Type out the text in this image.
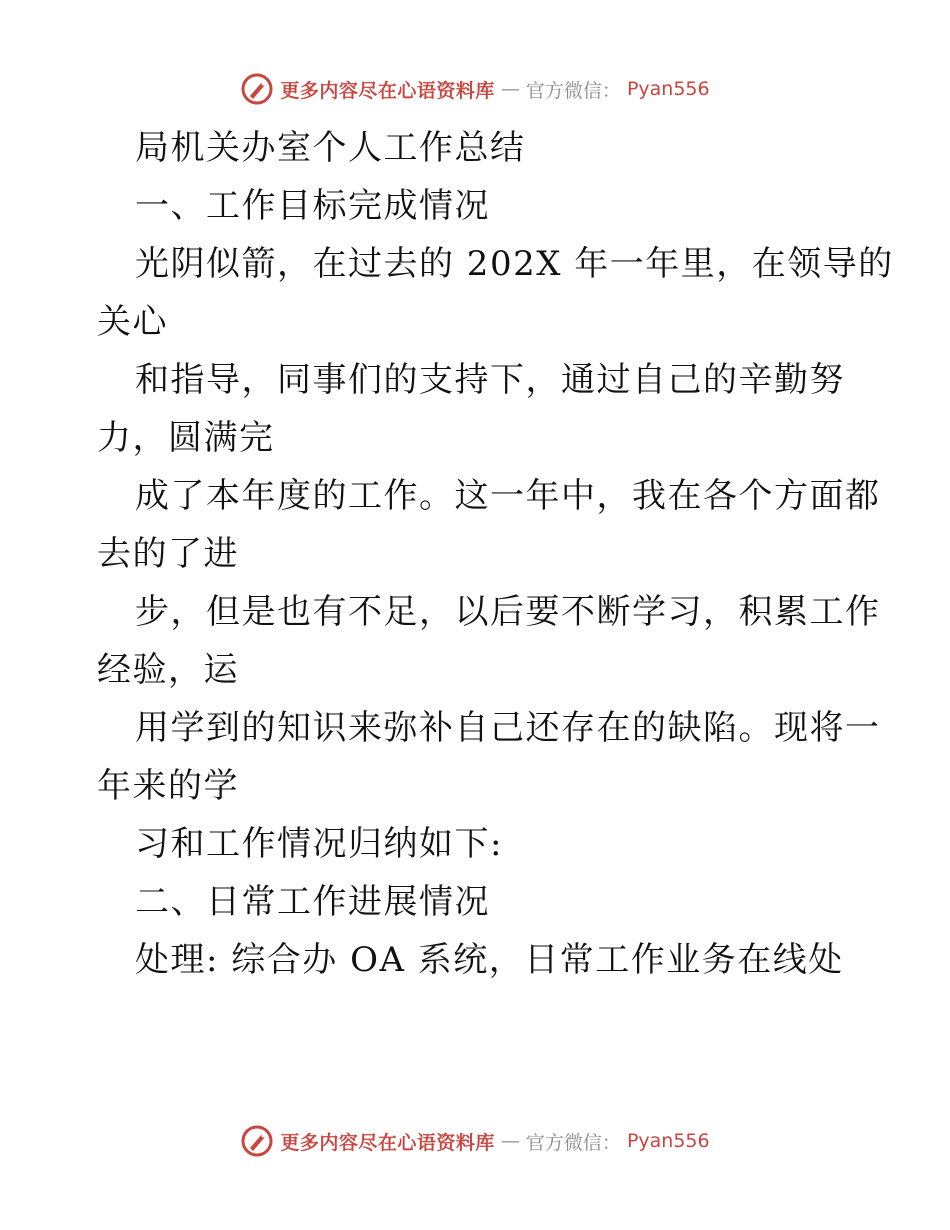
更多内容尽在心语资料库 — 官方微信： Pyan556
局机关办室个人工作总结
一、工作目标完成情况
光阴似箭，在过去的 202X 年一年里，在领导的
关心
和指导，同事们的支持下，通过自己的辛勤努
力，圆满完
成了本年度的工作。这一年中，我在各个方面都
去的了进
步，但是也有不足，以后要不断学习，积累工作
经验，运
用学到的知识来弥补自己还存在的缺陷。现将一
年来的学
习和工作情况归纳如下:
二、日常工作进展情况
处理: 综合办 OA 系统，日常工作业务在线处
更多内容尽在心语资料库 — 官方微信： Pyan556
